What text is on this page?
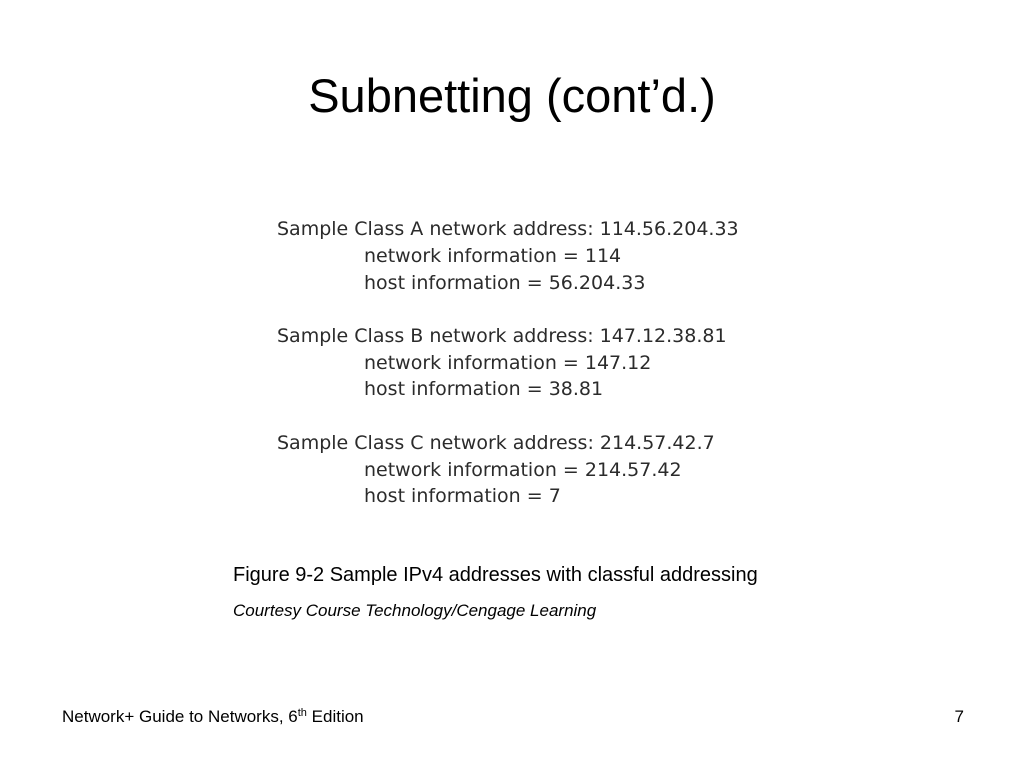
Subnetting (cont’d.)
Sample Class A network address: 114.56.204.33
network information = 114
host information = 56.204.33
Sample Class B network address: 147.12.38.81
network information = 147.12
host information = 38.81
Sample Class C network address: 214.57.42.7
network information = 214.57.42
host information = 7
Figure 9-2 Sample IPv4 addresses with classful addressing
Courtesy Course Technology/Cengage Learning
Network+ Guide to Networks, 6th Edition	7
